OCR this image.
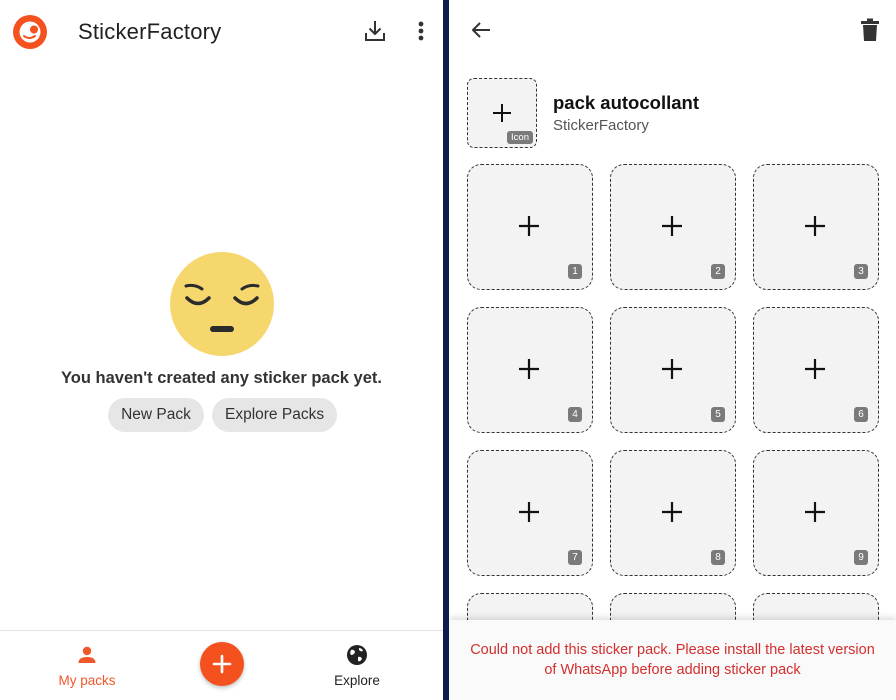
StickerFactory
You haven't created any sticker pack yet.
New Pack	Explore Packs
My packs	Explore
Icon
pack autocollant
StickerFactory
1	2	3
4	5	6
7	8	9
Could not add this sticker pack. Please install the latest version of WhatsApp before adding sticker pack
